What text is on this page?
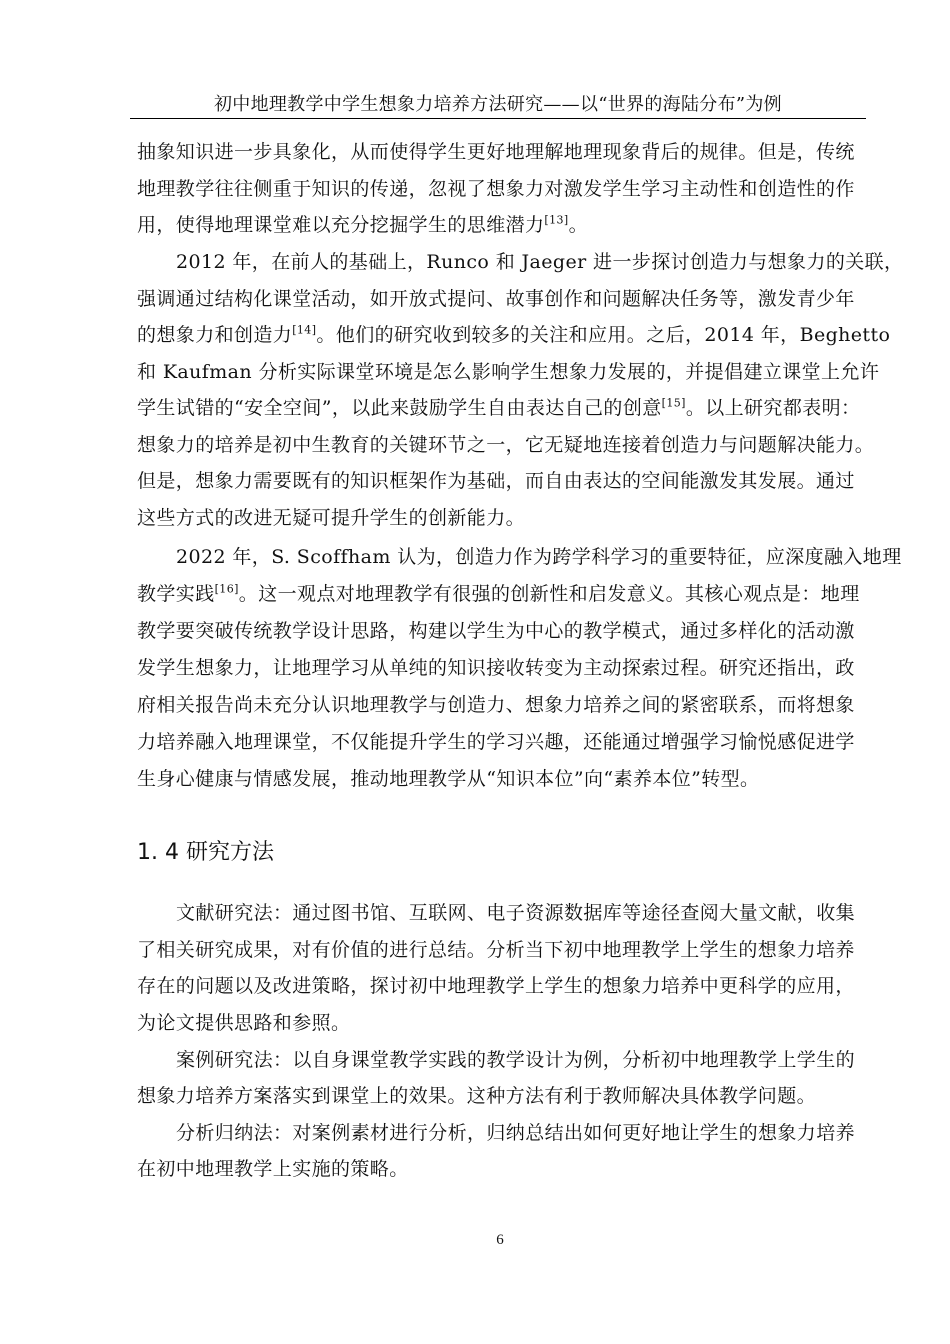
初中地理教学中学生想象力培养方法研究——以“世界的海陆分布”为例
抽象知识进一步具象化，从而使得学生更好地理解地理现象背后的规律。但是，传统
地理教学往往侧重于知识的传递，忽视了想象力对激发学生学习主动性和创造性的作
用，使得地理课堂难以充分挖掘学生的思维潜力[13]。
2012 年，在前人的基础上，Runco 和 Jaeger 进一步探讨创造力与想象力的关联，
强调通过结构化课堂活动，如开放式提问、故事创作和问题解决任务等，激发青少年
的想象力和创造力[14]。他们的研究收到较多的关注和应用。之后，2014 年，Beghetto
和 Kaufman 分析实际课堂环境是怎么影响学生想象力发展的，并提倡建立课堂上允许
学生试错的“安全空间”，以此来鼓励学生自由表达自己的创意[15]。以上研究都表明：
想象力的培养是初中生教育的关键环节之一，它无疑地连接着创造力与问题解决能力。
但是，想象力需要既有的知识框架作为基础，而自由表达的空间能激发其发展。通过
这些方式的改进无疑可提升学生的创新能力。
2022 年，S. Scoffham 认为，创造力作为跨学科学习的重要特征，应深度融入地理
教学实践[16]。这一观点对地理教学有很强的创新性和启发意义。其核心观点是：地理
教学要突破传统教学设计思路，构建以学生为中心的教学模式，通过多样化的活动激
发学生想象力，让地理学习从单纯的知识接收转变为主动探索过程。研究还指出，政
府相关报告尚未充分认识地理教学与创造力、想象力培养之间的紧密联系，而将想象
力培养融入地理课堂，不仅能提升学生的学习兴趣，还能通过增强学习愉悦感促进学
生身心健康与情感发展，推动地理教学从“知识本位”向“素养本位”转型。
文献研究法：通过图书馆、互联网、电子资源数据库等途径查阅大量文献，收集
了相关研究成果，对有价值的进行总结。分析当下初中地理教学上学生的想象力培养
存在的问题以及改进策略，探讨初中地理教学上学生的想象力培养中更科学的应用，
为论文提供思路和参照。
案例研究法：以自身课堂教学实践的教学设计为例，分析初中地理教学上学生的
想象力培养方案落实到课堂上的效果。这种方法有利于教师解决具体教学问题。
分析归纳法：对案例素材进行分析，归纳总结出如何更好地让学生的想象力培养
在初中地理教学上实施的策略。
1. 4 研究方法
6
